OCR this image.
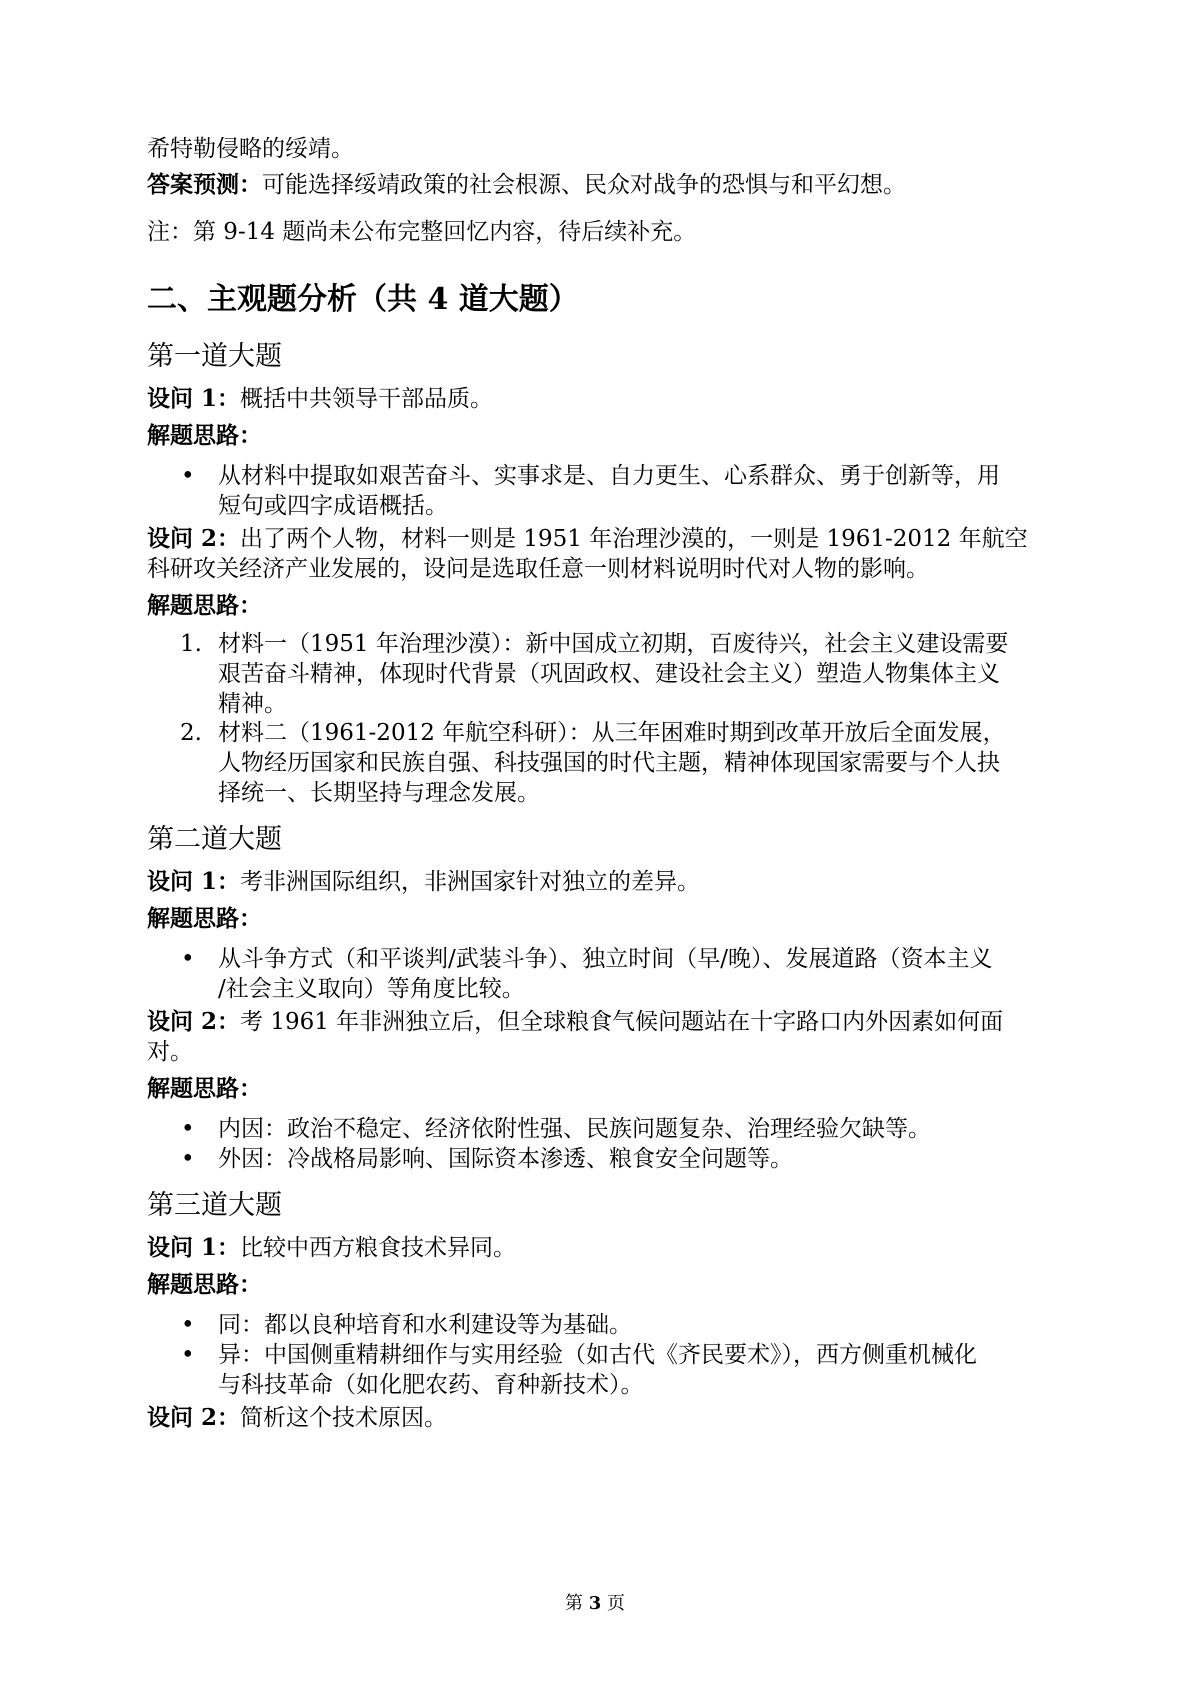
希特勒侵略的绥靖。
答案预测：可能选择绥靖政策的社会根源、民众对战争的恐惧与和平幻想。
注：第 9-14 题尚未公布完整回忆内容，待后续补充。
二、主观题分析（共 4 道大题）
第一道大题
设问 1：概括中共领导干部品质。
解题思路：
• 从材料中提取如艰苦奋斗、实事求是、自力更生、心系群众、勇于创新等，用
短句或四字成语概括。
设问 2：出了两个人物，材料一则是 1951 年治理沙漠的，一则是 1961-2012 年航空
科研攻关经济产业发展的，设问是选取任意一则材料说明时代对人物的影响。
解题思路：
1. 材料一（1951 年治理沙漠）：新中国成立初期，百废待兴，社会主义建设需要
艰苦奋斗精神，体现时代背景（巩固政权、建设社会主义）塑造人物集体主义
精神。
2. 材料二（1961-2012 年航空科研）：从三年困难时期到改革开放后全面发展，
人物经历国家和民族自强、科技强国的时代主题，精神体现国家需要与个人抉
择统一、长期坚持与理念发展。
第二道大题
设问 1：考非洲国际组织，非洲国家针对独立的差异。
解题思路：
• 从斗争方式（和平谈判/武装斗争）、独立时间（早/晚）、发展道路（资本主义
/社会主义取向）等角度比较。
设问 2：考 1961 年非洲独立后，但全球粮食气候问题站在十字路口内外因素如何面
对。
解题思路：
• 内因：政治不稳定、经济依附性强、民族问题复杂、治理经验欠缺等。
• 外因：冷战格局影响、国际资本渗透、粮食安全问题等。
第三道大题
设问 1：比较中西方粮食技术异同。
解题思路：
• 同：都以良种培育和水利建设等为基础。
• 异：中国侧重精耕细作与实用经验（如古代《齐民要术》），西方侧重机械化
与科技革命（如化肥农药、育种新技术）。
设问 2：简析这个技术原因。
第 3 页
